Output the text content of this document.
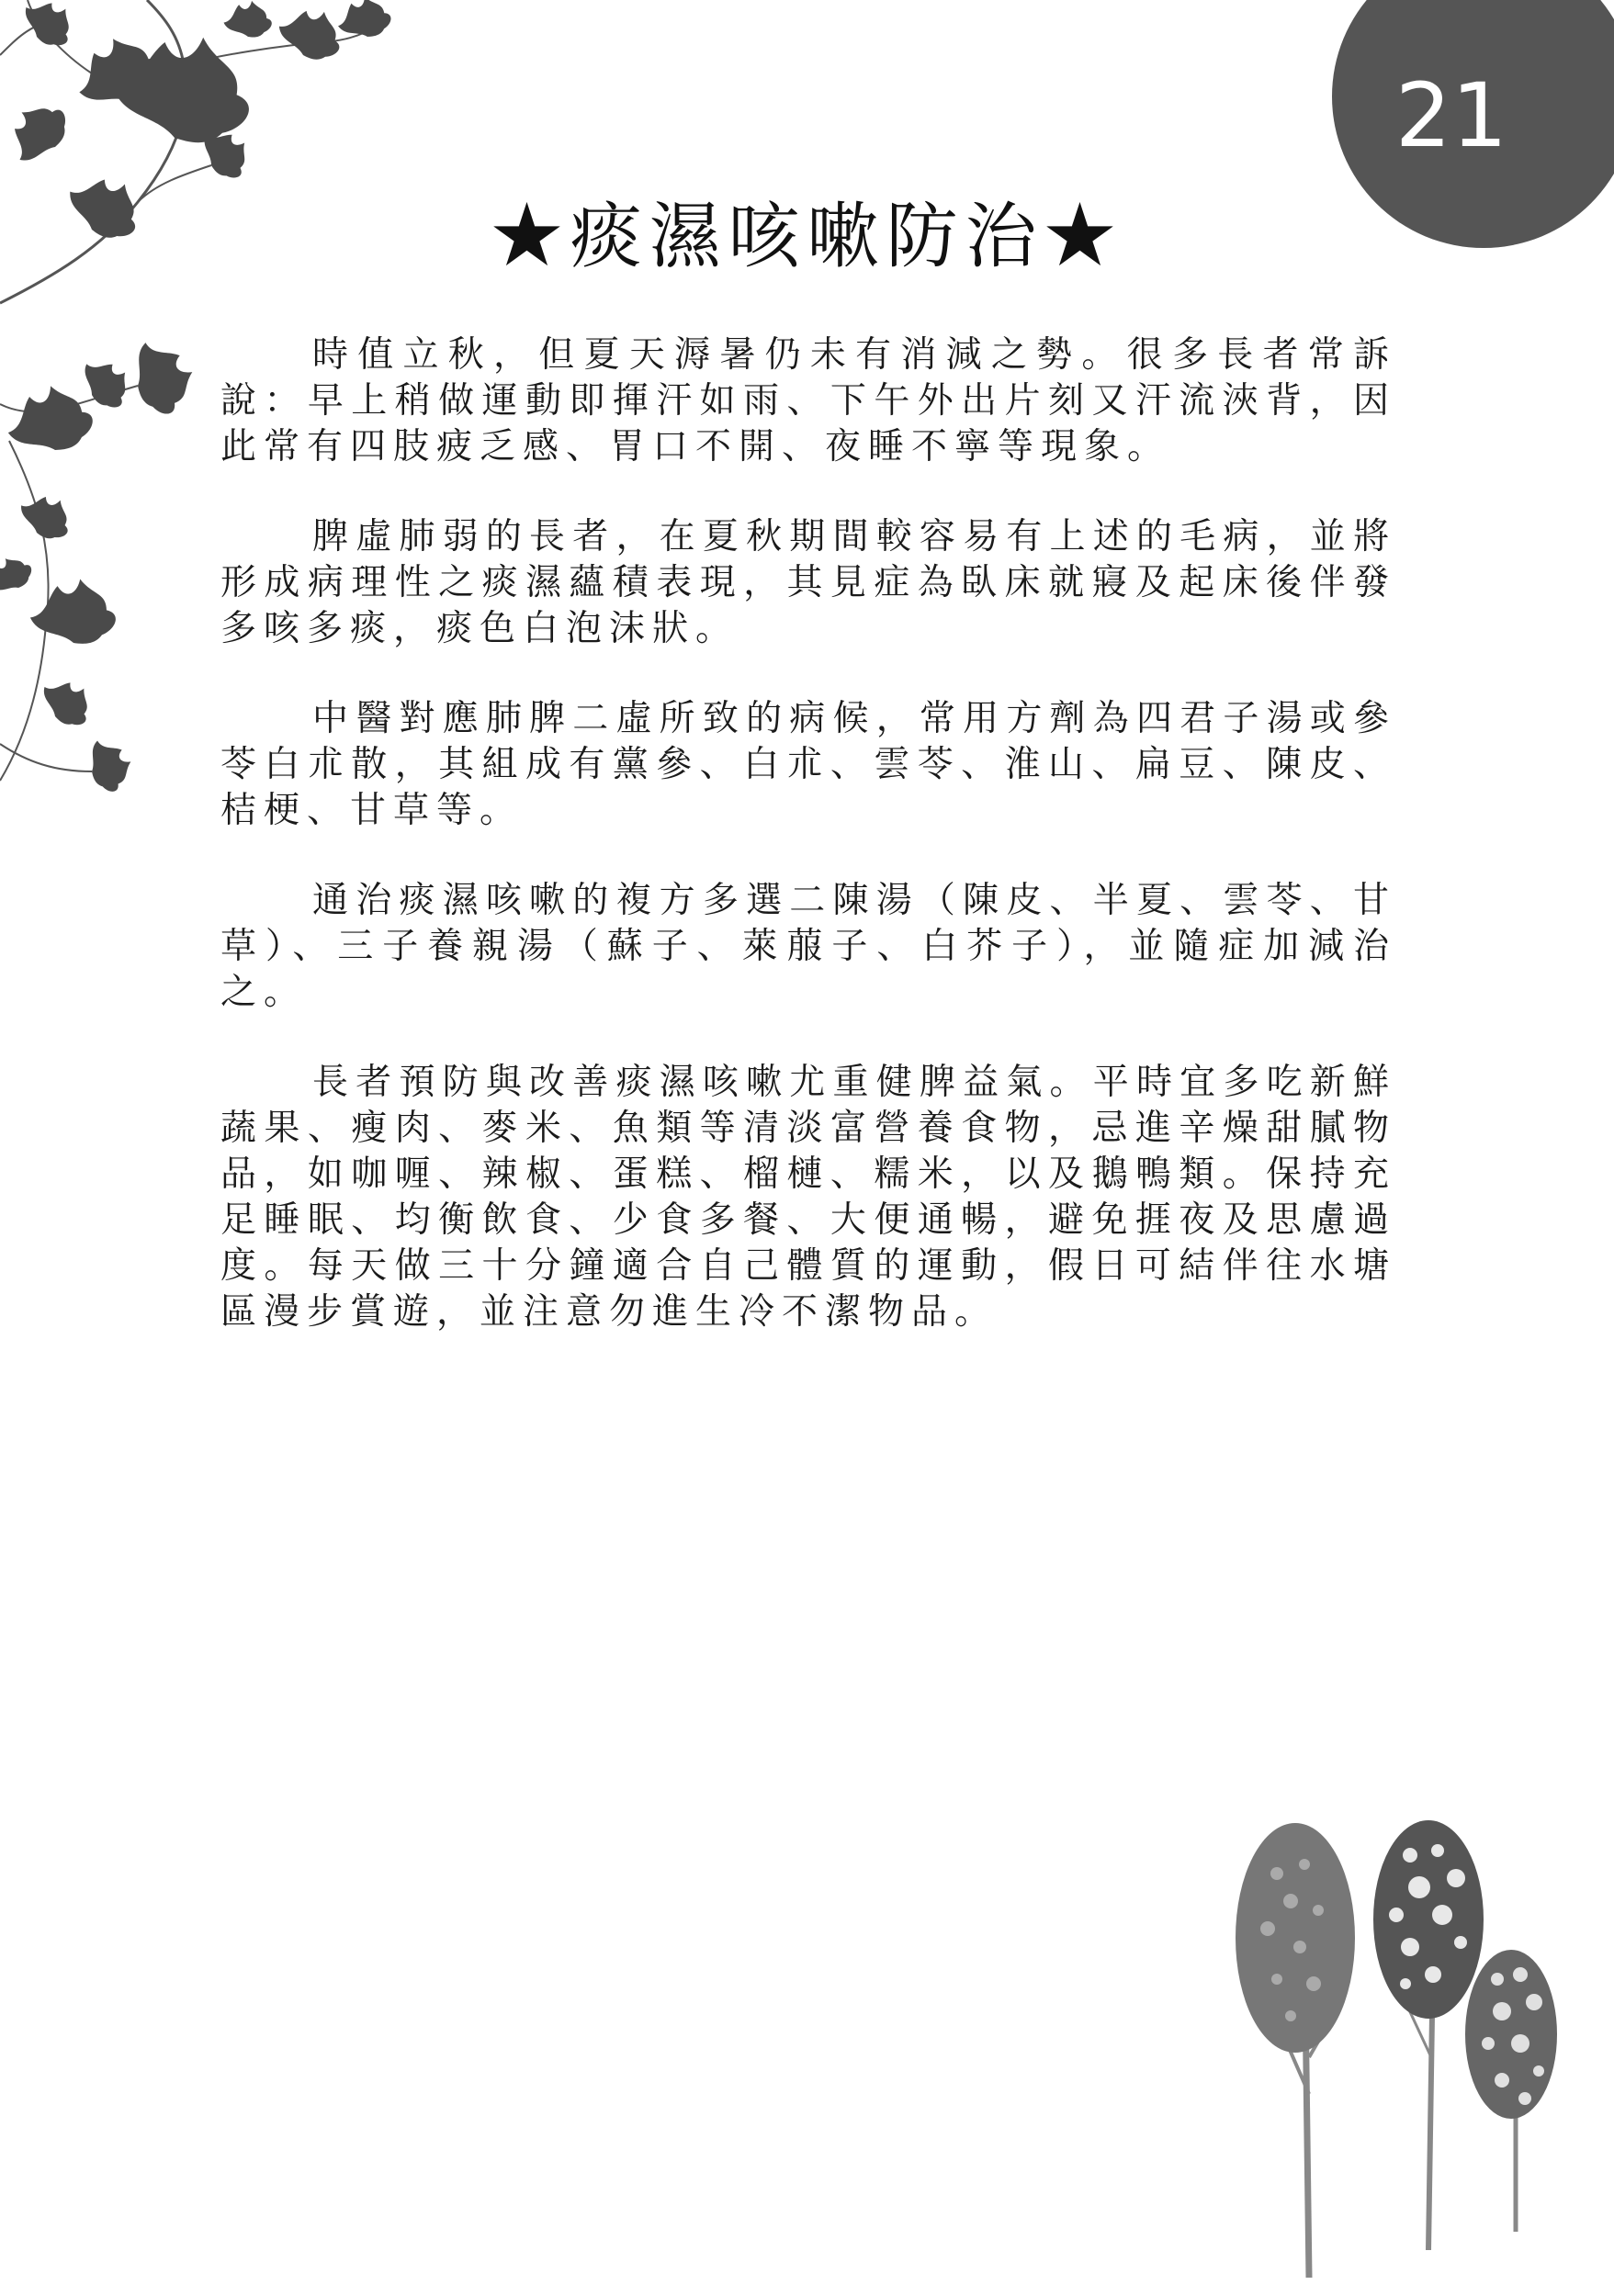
21
★痰濕咳嗽防治★

時值立秋，但夏天溽暑仍未有消減之勢。很多長者常訴說：早上稍做運動即揮汗如雨、下午外出片刻又汗流浹背，因此常有四肢疲乏感、胃口不開、夜睡不寧等現象。

脾虛肺弱的長者，在夏秋期間較容易有上述的毛病，並將形成病理性之痰濕蘊積表現，其見症為臥床就寢及起床後伴發多咳多痰，痰色白泡沫狀。

中醫對應肺脾二虛所致的病候，常用方劑為四君子湯或參苓白朮散，其組成有黨參、白朮、雲苓、淮山、扁豆、陳皮、桔梗、甘草等。

通治痰濕咳嗽的複方多選二陳湯（陳皮、半夏、雲苓、甘草）、三子養親湯（蘇子、萊菔子、白芥子），並隨症加減治之。

長者預防與改善痰濕咳嗽尤重健脾益氣。平時宜多吃新鮮蔬果、瘦肉、麥米、魚類等清淡富營養食物，忌進辛燥甜膩物品，如咖喱、辣椒、蛋糕、榴槤、糯米，以及鵝鴨類。保持充足睡眠、均衡飲食、少食多餐、大便通暢，避免捱夜及思慮過度。每天做三十分鐘適合自己體質的運動，假日可結伴往水塘區漫步賞遊，並注意勿進生冷不潔物品。
